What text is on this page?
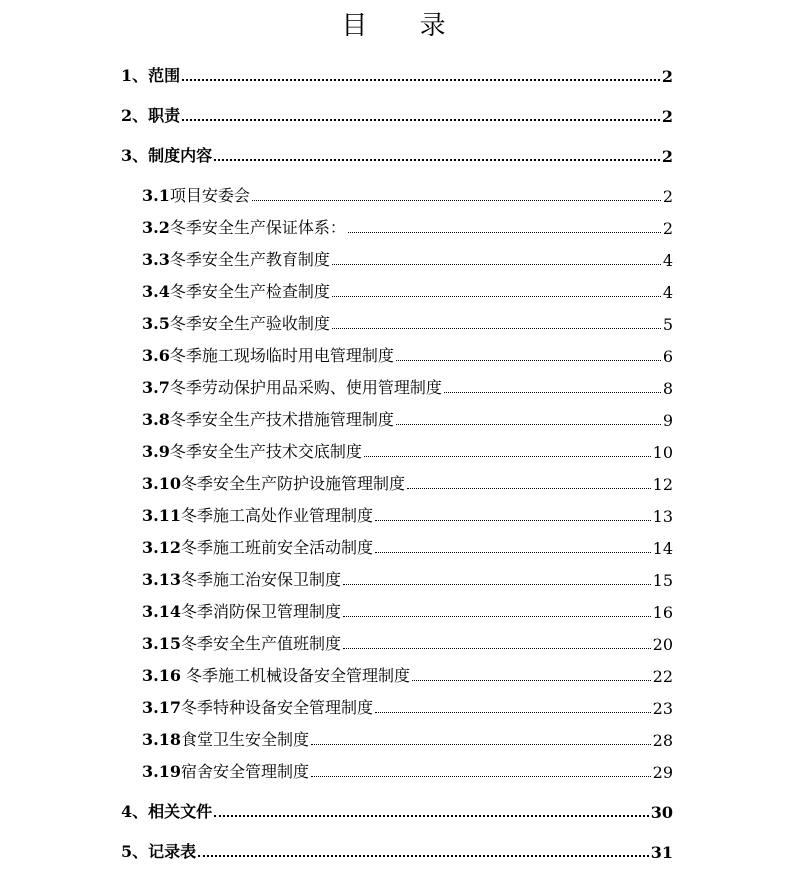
目 录
1、范围	2
2、职责	2
3、制度内容	2
3.1项目安委会	2
3.2冬季安全生产保证体系：	2
3.3冬季安全生产教育制度	4
3.4冬季安全生产检查制度	4
3.5冬季安全生产验收制度	5
3.6冬季施工现场临时用电管理制度	6
3.7冬季劳动保护用品采购、使用管理制度	8
3.8冬季安全生产技术措施管理制度	9
3.9冬季安全生产技术交底制度	10
3.10冬季安全生产防护设施管理制度	12
3.11冬季施工高处作业管理制度	13
3.12冬季施工班前安全活动制度	14
3.13冬季施工治安保卫制度	15
3.14冬季消防保卫管理制度	16
3.15冬季安全生产值班制度	20
3.16 冬季施工机械设备安全管理制度	22
3.17冬季特种设备安全管理制度	23
3.18食堂卫生安全制度	28
3.19宿舍安全管理制度	29
4、相关文件	30
5、记录表	31
